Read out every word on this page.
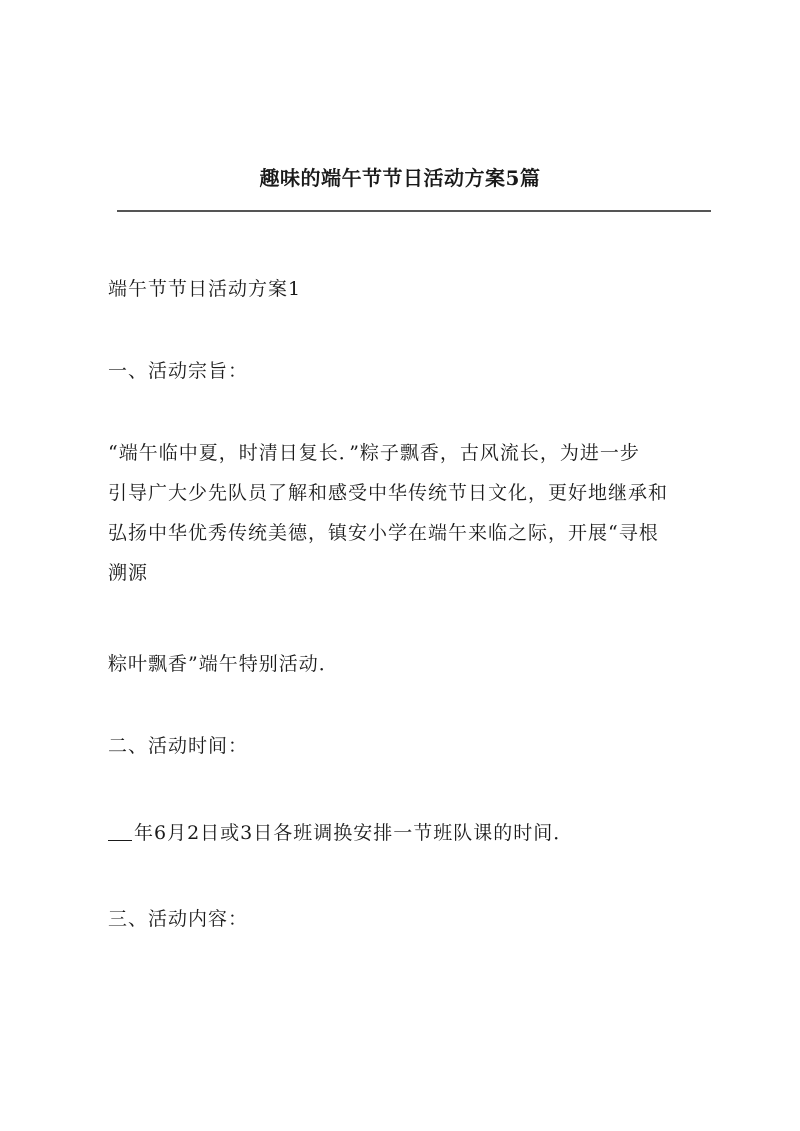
趣味的端午节节日活动方案5篇
端午节节日活动方案1
一、活动宗旨：
“端午临中夏，时清日复长．”粽子飘香，古风流长，为进一步
引导广大少先队员了解和感受中华传统节日文化，更好地继承和
弘扬中华优秀传统美德，镇安小学在端午来临之际，开展“寻根
溯源
粽叶飘香”端午特别活动．
二、活动时间：
年6月2日或3日各班调换安排一节班队课的时间．
三、活动内容：
